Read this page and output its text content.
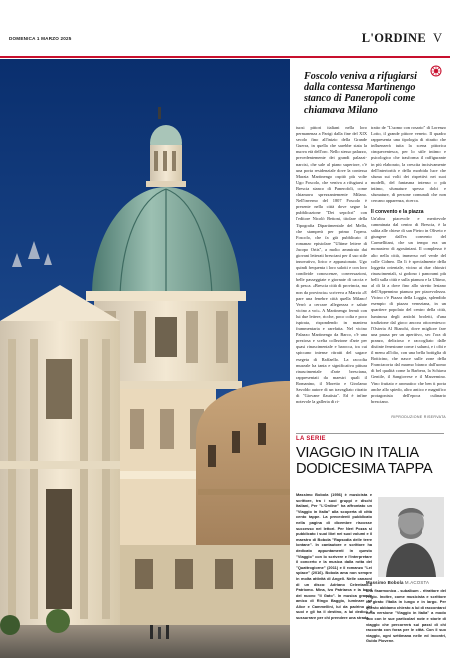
DOMENICA 1 MARZO 2025	L'ORDINE V
Foscolo veniva a rifugiarsi dalla contessa Martinengo stanco di Paneropoli come chiamava Milano

tuosi pittori italiani nella loro permanenza a Parigi dalla fine del XIX secolo fino all'inizio della Grande Guerra, in quella che sarebbe stata la nuova età dell'oro. Nello stesso palazzo, precedentemente dei grandi palazzi-narcisi, che sale al piano superiore, c'è una porta residenziale dove la contessa Marzia Martinengo ospitò più volte Ugo Foscolo, che veniva a rifugiarsi a Brescia stanco di Panerofoli, come chiamava sprezzantemente Milano. Nell'inverno del 1807 Foscolo è presente nella città dove segue la pubblicazione "Dei sepolcri" con l'editore Nicolò Bettoni, titolare della Tipografia Dipartimentale del Mella, che stamperà per primo l'opera. Foscolo, che fa già pubblicato il romanzo epistolare "Ultime lettere di Jacopo Ortis", a molto ammirato dai giovani letterati bresciani per il suo stile innovativo, lirico e appassionato. Ugo quindi frequenta i loro salotti e con loro condivide conoscenze, conversazioni, belle passeggiate e giornate di caccia e di pesca. «Brescia città di provincia, ma non da provincia» scriveva a Marzia «E pare una fenebre città quella Milano! Verrò a cercare allegrezza e salute vicino a voi». A Martinengo fermò con lui due lettere, ricche, poco colta e poco ispirata, rispondendo in maniera frammentaria e rarefatta. Nel vicino Palazzo Martinengo da Barco, c'è una preziosa e scelta collezione d'arte per quasi rinascimentale e barocca, tra cui spiccano intense ritratti del sagace esegeta di Raffaello. La raccolta museale ha tanta e significativa pittura rinascimentale d'arte bresciana, rappresentati da maestri quali il Romanino, il Moretto e Girolamo Savoldo autore di un travagliato ritratto di "Giovane flautista". Ed è infine notevole la galleria di ri-

tratto de "L'uomo con rosario" di Lorenzo Lotto, il grande pittore veneto. Il quadro rappresenta una tipologia di ritratto che influenzerà tutta la scena pittorica cinquecentesca, per lo stile intimo e psicologico che trasforma il raffigurante in più elaborato, la crescita incisivamente dell'interiorità e della morbida luce che sfuma sui volti dei rispettivi nei suoi modelli, del fantasma intenso o più intimo, sfumature spesso dolci e sfumature, di persone comunali che non cercano apparenza, ricerca.

Il convento e la piazza

Un'altra piacevole e meritevole camminata dal centro di Brescia, è la salita alle chiese di san Pietro in Oliveto e giungere dall'ex convento del Carmellitani, che un tempo era un monastero di agostiniani. Il complesso è alto nella città, immerso nel verde del colle Cidneo. Da lì è specialmente della loggetta orientale, vicino ai due chiostri rinascimentali, si godono i panorami più belli sulla città e sulla pianura e la Ultimo, al di là a dove fino allo stretto lestano dell'Appennino pianura per piacevolezza. Vicino c'è Piazza della Loggia, splendido esempio di piazza veneziana, in un quartiere popolato del centro della città, luminosa degli antichi broletti, d'una tradizione dal gioco ancora ottocentesco: l'Osteria Al Bianchi, dove migliore fare una pausa per un aperitivo, sec l'ora di pranzo, delizioso e raccogliato dalle distinte fenestrane come i salumi, e i cibi e il menu all'olio, con una bella bottiglia di Botticino, che nasce sulle zone della Franciacorta dal marmo bianco dall'uomo di bel qualità come la Barbera, la Schiava Gentile, il Sangiovese e il Marzemino. Vino fruttato e aromatico che ben ti porta anche allo spiedo, altro antico e magnifico protagonista dell'epoca culinario bresciano.

RIPRODUZIONE RISERVATA
LA SERIE
VIAGGIO IN ITALIA DODICESIMA TAPPA

Massimo Bobola (1956) è musicista e scrittore, tra i suoi gruppi e dischi Italiani, Per "L'Ordine" ha affrontato un "Viaggio in Italia" alla scoperta di città cento tappe. La precedenti pubblicato nella pagina di dicembre riscosse successo nei lettori. Per Neri Pozza si pubblicato i suoi libri nei suoi volumi e il maestro di Bobola "Rapsodia delle terre lontane". In cantautore e scrittore ha dedicato appuntamenti in questo "Viaggio" con lo scrivere e l'interpretare il concerto e la musica dalla rotta del "Quattrogiorne" (2011) e il romanzo "Lei spiace" (2016). Bobola ama non sempre in molta attività di Angeli. Nelle canzoni di un disco: Adriano Celentano-Il Patriomo. Mina, Ivo Patriarca e la band del nuovo "Il Gato". In musica grande amico di Ringo Baggio, luminare ad Alice e Cammellini, lui da padrino dei suoi e gli ha il destino, a lui dedicò il sussurrare per chi prendere una strada.

Massimo Bobola M.ACOSTA

una fisarmonica - subalbum - ritrattore del Frigio. Inoltre, come musicista e scrittore ha girato l'Italia in lungo e in largo. Per questo abbiamo chiesto a lui di raccontarci nella versione "Viaggio in Italia" a modo suo con le sue particolari note e storie di viaggio che percorrerà sui passi di chi racconta con forza per le città. Con il suo viaggio, ogni settimana nelle ed incontri, Guido Piovene.
